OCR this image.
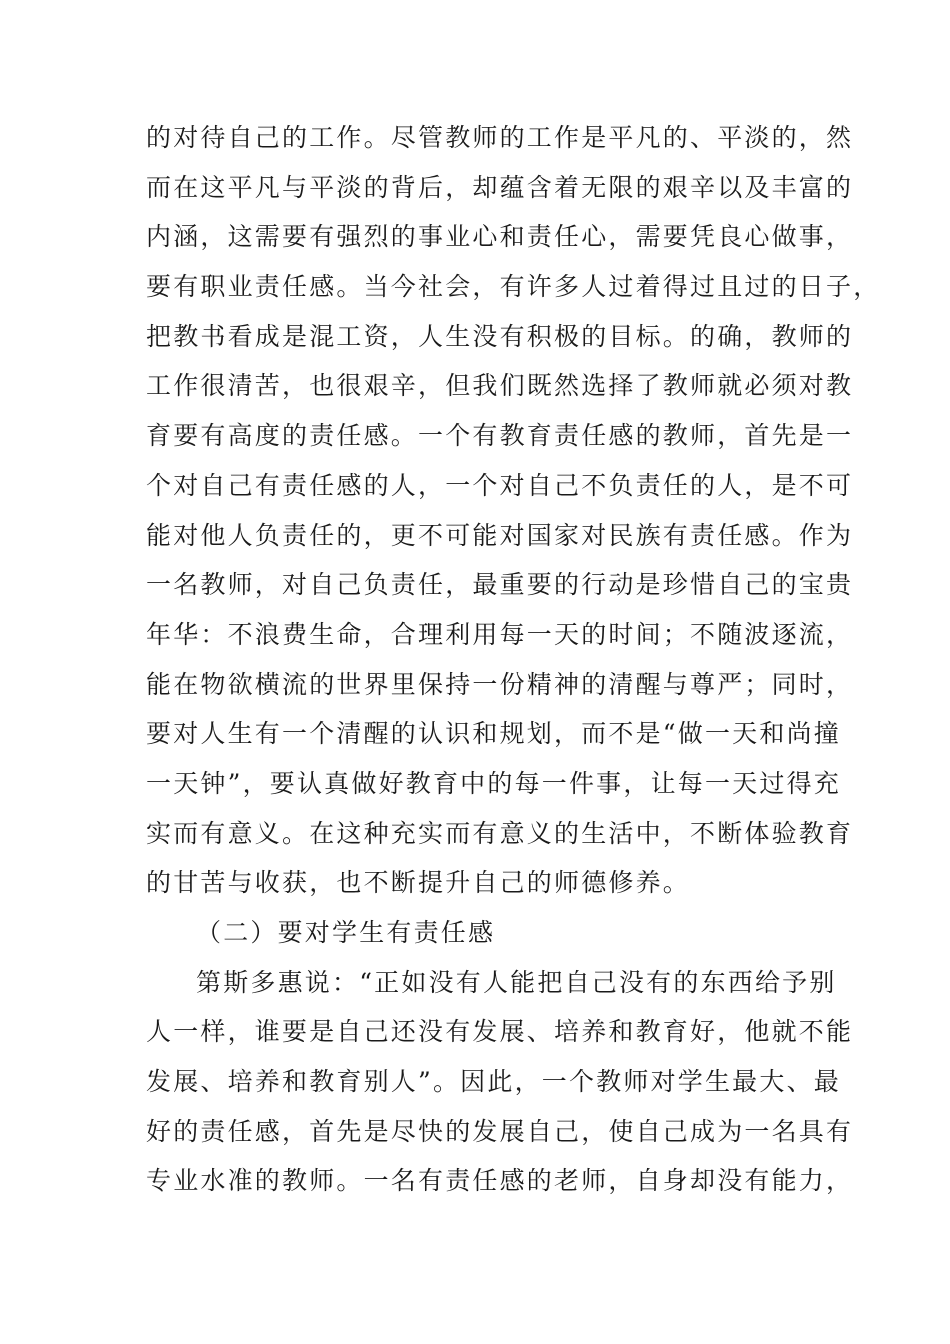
的对待自己的工作。尽管教师的工作是平凡的、平淡的，然
而在这平凡与平淡的背后，却蕴含着无限的艰辛以及丰富的
内涵，这需要有强烈的事业心和责任心，需要凭良心做事，
要有职业责任感。当今社会，有许多人过着得过且过的日子，
把教书看成是混工资，人生没有积极的目标。的确，教师的
工作很清苦，也很艰辛，但我们既然选择了教师就必须对教
育要有高度的责任感。一个有教育责任感的教师，首先是一
个对自己有责任感的人，一个对自己不负责任的人，是不可
能对他人负责任的，更不可能对国家对民族有责任感。作为
一名教师，对自己负责任，最重要的行动是珍惜自己的宝贵
年华：不浪费生命，合理利用每一天的时间；不随波逐流，
能在物欲横流的世界里保持一份精神的清醒与尊严；同时，
要对人生有一个清醒的认识和规划，而不是“做一天和尚撞
一天钟”，要认真做好教育中的每一件事，让每一天过得充
实而有意义。在这种充实而有意义的生活中，不断体验教育
的甘苦与收获，也不断提升自己的师德修养。
（二）要对学生有责任感
第斯多惠说：“正如没有人能把自己没有的东西给予别
人一样，谁要是自己还没有发展、培养和教育好，他就不能
发展、培养和教育别人”。因此，一个教师对学生最大、最
好的责任感，首先是尽快的发展自己，使自己成为一名具有
专业水准的教师。一名有责任感的老师，自身却没有能力，
